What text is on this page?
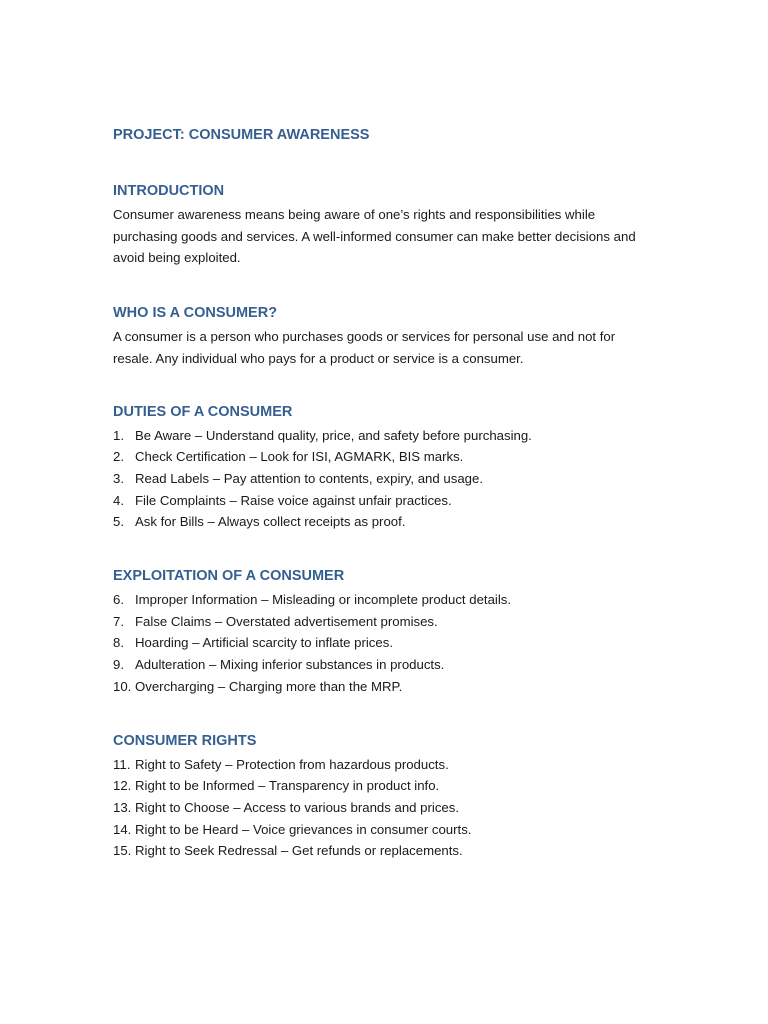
PROJECT: CONSUMER AWARENESS
INTRODUCTION

Consumer awareness means being aware of one’s rights and responsibilities while purchasing goods and services. A well-informed consumer can make better decisions and avoid being exploited.

WHO IS A CONSUMER?

A consumer is a person who purchases goods or services for personal use and not for resale. Any individual who pays for a product or service is a consumer.

DUTIES OF A CONSUMER
1. Be Aware – Understand quality, price, and safety before purchasing.
2. Check Certification – Look for ISI, AGMARK, BIS marks.
3. Read Labels – Pay attention to contents, expiry, and usage.
4. File Complaints – Raise voice against unfair practices.
5. Ask for Bills – Always collect receipts as proof.
EXPLOITATION OF A CONSUMER
6. Improper Information – Misleading or incomplete product details.
7. False Claims – Overstated advertisement promises.
8. Hoarding – Artificial scarcity to inflate prices.
9. Adulteration – Mixing inferior substances in products.
10. Overcharging – Charging more than the MRP.
CONSUMER RIGHTS
11. Right to Safety – Protection from hazardous products.
12. Right to be Informed – Transparency in product info.
13. Right to Choose – Access to various brands and prices.
14. Right to be Heard – Voice grievances in consumer courts.
15. Right to Seek Redressal – Get refunds or replacements.
